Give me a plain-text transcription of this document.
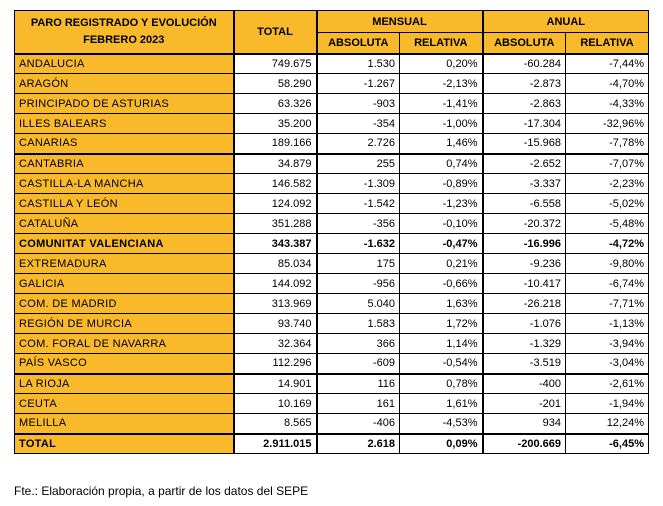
PARO REGISTRADO Y EVOLUCIÓN
FEBRERO 2023	TOTAL	MENSUAL		ANUAL	
		ABSOLUTA	RELATIVA	ABSOLUTA	RELATIVA
ANDALUCIA	749.675	1.530	0,20%	-60.284	-7,44%
ARAGÓN	58.290	-1.267	-2,13%	-2.873	-4,70%
PRINCIPADO DE ASTURIAS	63.326	-903	-1,41%	-2.863	-4,33%
ILLES BALEARS	35.200	-354	-1,00%	-17.304	-32,96%
CANARIAS	189.166	2.726	1,46%	-15.968	-7,78%
CANTABRIA	34.879	255	0,74%	-2.652	-7,07%
CASTILLA-LA MANCHA	146.582	-1.309	-0,89%	-3.337	-2,23%
CASTILLA Y LEÓN	124.092	-1.542	-1,23%	-6.558	-5,02%
CATALUÑA	351.288	-356	-0,10%	-20.372	-5,48%
COMUNITAT VALENCIANA	343.387	-1.632	-0,47%	-16.996	-4,72%
EXTREMADURA	85.034	175	0,21%	-9.236	-9,80%
GALICIA	144.092	-956	-0,66%	-10.417	-6,74%
COM. DE MADRID	313.969	5.040	1,63%	-26.218	-7,71%
REGIÓN DE MURCIA	93.740	1.583	1,72%	-1.076	-1,13%
COM. FORAL DE NAVARRA	32.364	366	1,14%	-1.329	-3,94%
PAÍS VASCO	112.296	-609	-0,54%	-3.519	-3,04%
LA RIOJA	14.901	116	0,78%	-400	-2,61%
CEUTA	10.169	161	1,61%	-201	-1,94%
MELILLA	8.565	-406	-4,53%	934	12,24%
TOTAL	2.911.015	2.618	0,09%	-200.669	-6,45%
Fte.: Elaboración propia, a partir de los datos del SEPE
